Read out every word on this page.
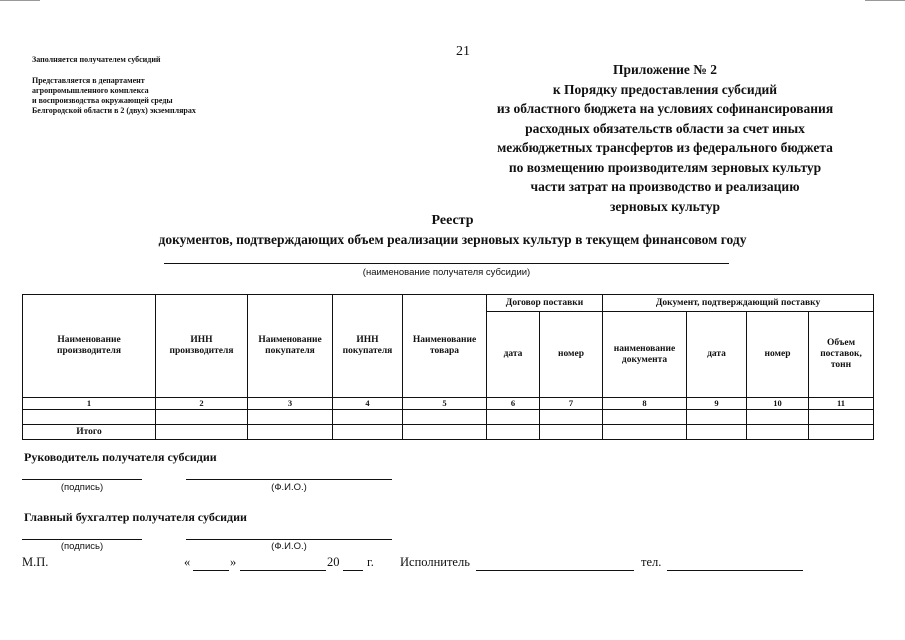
Заполняется получателем субсидий
Представляется в департамент
агропромышленного комплекса
и воспроизводства окружающей среды
Белгородской области в 2 (двух) экземплярах
21
Приложение № 2
к Порядку предоставления субсидий
из областного бюджета на условиях софинансирования
расходных обязательств области за счет иных
межбюджетных трансфертов из федерального бюджета
по возмещению производителям зерновых культур
части затрат на производство и реализацию
зерновых культур
Реестр
документов, подтверждающих объем реализации зерновых культур в текущем финансовом году
(наименование получателя субсидии)
Наименование производителя	ИНН производителя	Наименование покупателя	ИНН покупателя	Наименование товара	Договор поставки		Документ, подтверждающий поставку			
					дата	номер	наименование документа	дата	номер	Объем поставок, тонн
1	2	3	4	5	6	7	8	9	10	11

Итого										
Руководитель получателя субсидии
(подпись)	(Ф.И.О.)
Главный бухгалтер получателя субсидии
(подпись)	(Ф.И.О.)
М.П.	«	»	20 г. Исполнитель	тел.
